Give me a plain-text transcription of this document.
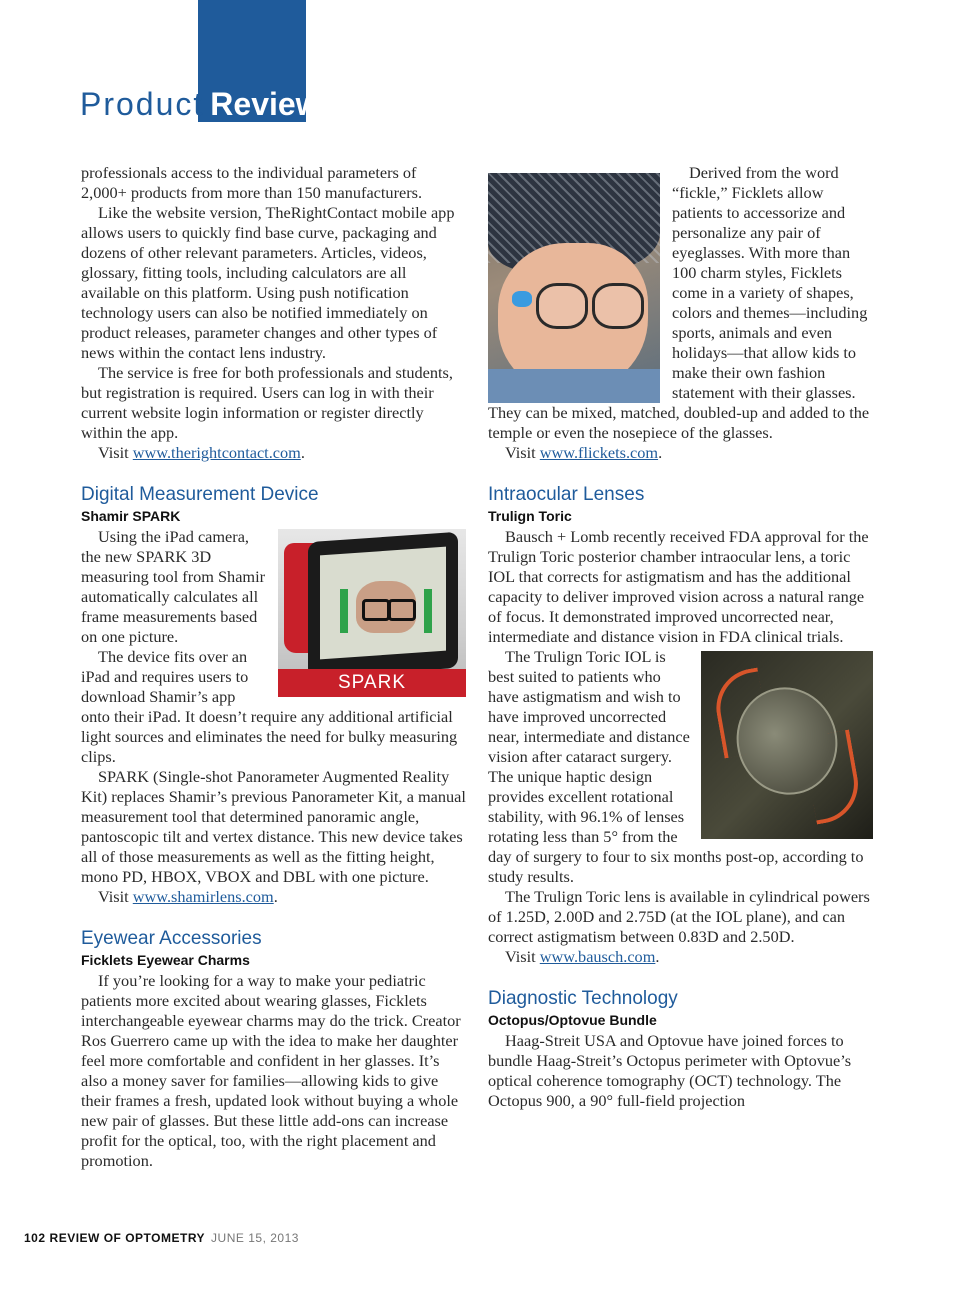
Product Review

professionals access to the individual parameters of 2,000+ products from more than 150 manufacturers.

Like the website version, TheRightContact mobile app allows users to quickly find base curve, packaging and dozens of other relevant parameters. Articles, videos, glossary, fitting tools, including calculators are all available on this platform. Using push notification technology users can also be notified immediately on product releases, parameter changes and other types of news within the contact lens industry.

The service is free for both professionals and students, but registration is required. Users can log in with their current website login information or register directly within the app.

Visit www.therightcontact.com.

Digital Measurement Device
Shamir SPARK
SPARK

Using the iPad camera, the new SPARK 3D measuring tool from Shamir automatically calculates all frame measurements based on one picture.

The device fits over an iPad and requires users to download Shamir’s app onto their iPad. It doesn’t require any additional artificial light sources and eliminates the need for bulky measuring clips.

SPARK (Single-shot Panorameter Augmented Reality Kit) replaces Shamir’s previous Panorameter Kit, a manual measurement tool that determined panoramic angle, pantoscopic tilt and vertex distance. This new device takes all of those measurements as well as the fitting height, mono PD, HBOX, VBOX and DBL with one picture.

Visit www.shamirlens.com.

Eyewear Accessories
Ficklets Eyewear Charms

If you’re looking for a way to make your pediatric patients more excited about wearing glasses, Ficklets interchangeable eyewear charms may do the trick. Creator Ros Guerrero came up with the idea to make her daughter feel more comfortable and confident in her glasses. It’s also a money saver for families—allowing kids to give their frames a fresh, updated look without buying a whole new pair of glasses. But these little add-ons can increase profit for the optical, too, with the right placement and promotion.

Derived from the word “fickle,” Ficklets allow patients to accessorize and personalize any pair of eyeglasses. With more than 100 charm styles, Ficklets come in a variety of shapes, colors and themes—including sports, animals and even holidays—that allow kids to make their own fashion statement with their glasses. They can be mixed, matched, doubled-up and added to the temple or even the nosepiece of the glasses.

Visit www.flickets.com.

Intraocular Lenses
Trulign Toric

Bausch + Lomb recently received FDA approval for the Trulign Toric posterior chamber intraocular lens, a toric IOL that corrects for astigmatism and has the additional capacity to deliver improved vision across a natural range of focus. It demonstrated improved uncorrected near, intermediate and distance vision in FDA clinical trials.

The Trulign Toric IOL is best suited to patients who have astigmatism and wish to have improved uncorrected near, intermediate and distance vision after cataract surgery. The unique haptic design provides excellent rotational stability, with 96.1% of lenses rotating less than 5° from the day of surgery to four to six months post-op, according to study results.

The Trulign Toric lens is available in cylindrical powers of 1.25D, 2.00D and 2.75D (at the IOL plane), and can correct astigmatism between 0.83D and 2.50D.

Visit www.bausch.com.

Diagnostic Technology
Octopus/Optovue Bundle

Haag-Streit USA and Optovue have joined forces to bundle Haag-Streit’s Octopus perimeter with Optovue’s optical coherence tomography (OCT) technology. The Octopus 900, a 90° full-field projection

102 REVIEW OF OPTOMETRY JUNE 15, 2013
